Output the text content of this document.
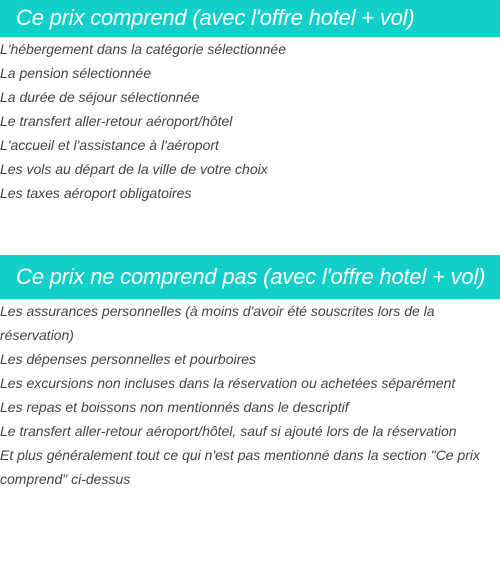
Ce prix comprend (avec l'offre hotel + vol)
L'hébergement dans la catégorie sélectionnée
La pension sélectionnée
La durée de séjour sélectionnée
Le transfert aller-retour aéroport/hôtel
L'accueil et l'assistance à l'aéroport
Les vols au départ de la ville de votre choix
Les taxes aéroport obligatoires
Ce prix ne comprend pas (avec l'offre hotel + vol)
Les assurances personnelles (à moins d'avoir été souscrites lors de la réservation)
Les dépenses personnelles et pourboires
Les excursions non incluses dans la réservation ou achetées séparément
Les repas et boissons non mentionnés dans le descriptif
Le transfert aller-retour aéroport/hôtel, sauf si ajouté lors de la réservation
Et plus généralement tout ce qui n'est pas mentionné dans la section "Ce prix comprend" ci-dessus
